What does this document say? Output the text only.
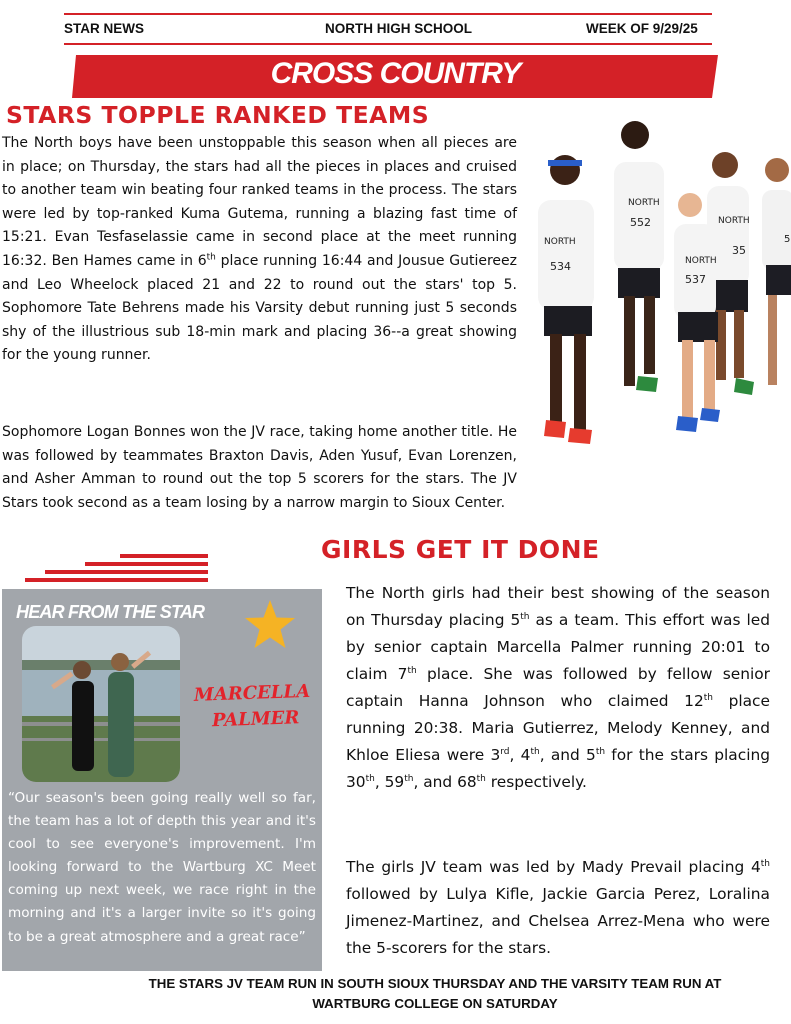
STAR NEWS	NORTH HIGH SCHOOL	WEEK OF 9/29/25
CROSS COUNTRY
STARS TOPPLE RANKED TEAMS

The North boys have been unstoppable this season when all pieces are in place; on Thursday, the stars had all the pieces in places and cruised to another team win beating four ranked teams in the process. The stars were led by top-ranked Kuma Gutema, running a blazing fast time of 15:21. Evan Tesfaselassie came in second place at the meet running 16:32. Ben Hames came in 6th place running 16:44 and Jousue Gutiereez and Leo Wheelock placed 21 and 22 to round out the stars' top 5. Sophomore Tate Behrens made his Varsity debut running just 5 seconds shy of the illustrious sub 18-min mark and placing 36--a great showing for the young runner.

Sophomore Logan Bonnes won the JV race, taking home another title. He was followed by teammates Braxton Davis, Aden Yusuf, Evan Lorenzen, and Asher Amman to round out the top 5 scorers for the stars. The JV Stars took second as a team losing by a narrow margin to Sioux Center.

5
NORTH
35
NORTH
552
NORTH
537
NORTH
534
GIRLS GET IT DONE

The North girls had their best showing of the season on Thursday placing 5th as a team. This effort was led by senior captain Marcella Palmer running 20:01 to claim 7th place. She was followed by fellow senior captain Hanna Johnson who claimed 12th place running 20:38. Maria Gutierrez, Melody Kenney, and Khloe Eliesa were 3rd, 4th, and 5th for the stars placing 30th, 59th, and 68th respectively.

The girls JV team was led by Mady Prevail placing 4th followed by Lulya Kifle, Jackie Garcia Perez, Loralina Jimenez-Martinez, and Chelsea Arrez-Mena who were the 5-scorers for the stars.

HEAR FROM THE STAR
MARCELLA
PALMER

“Our season's been going really well so far, the team has a lot of depth this year and it's cool to see everyone's improvement. I'm looking forward to the Wartburg XC Meet coming up next week, we race right in the morning and it's a larger invite so it's going to be a great atmosphere and a great race”

THE STARS JV TEAM RUN IN SOUTH SIOUX THURSDAY AND THE VARSITY TEAM RUN AT
WARTBURG COLLEGE ON SATURDAY
